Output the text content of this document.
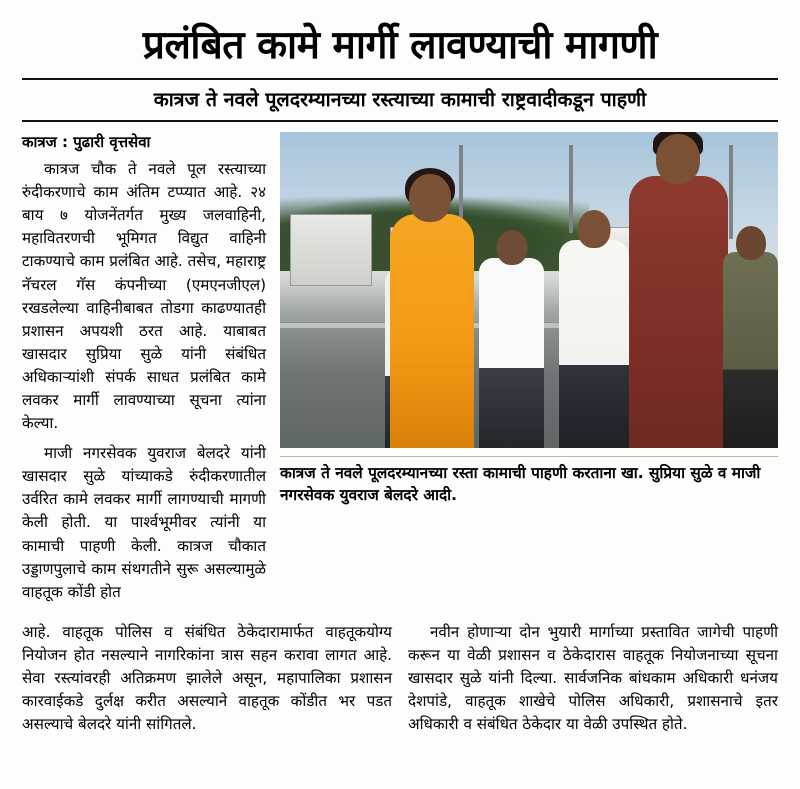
प्रलंबित कामे मार्गी लावण्याची मागणी
कात्रज ते नवले पूलदरम्यानच्या रस्त्याच्या कामाची राष्ट्रवादीकडून पाहणी
कात्रज : पुढारी वृत्तसेवा

कात्रज चौक ते नवले पूल रस्त्याच्या रुंदीकरणाचे काम अंतिम टप्प्यात आहे. २४ बाय ७ योजनेंतर्गत मुख्य जलवाहिनी, महावितरणची भूमिगत विद्युत वाहिनी टाकण्याचे काम प्रलंबित आहे. तसेच, महाराष्ट्र नॅचरल गॅस कंपनीच्या (एमएनजीएल) रखडलेल्या वाहिनीबाबत तोडगा काढण्यातही प्रशासन अपयशी ठरत आहे. याबाबत खासदार सुप्रिया सुळे यांनी संबंधित अधिकाऱ्यांशी संपर्क साधत प्रलंबित कामे लवकर मार्गी लावण्याच्या सूचना त्यांना केल्या.

माजी नगरसेवक युवराज बेलदरे यांनी खासदार सुळे यांच्याकडे रुंदीकरणातील उर्वरित कामे लवकर मार्गी लागण्याची मागणी केली होती. या पार्श्वभूमीवर त्यांनी या कामाची पाहणी केली. कात्रज चौकात उड्डाणपुलाचे काम संथगतीने सुरू असल्यामुळे वाहतूक कोंडी होत

कात्रज ते नवले पूलदरम्यानच्या रस्ता कामाची पाहणी करताना खा. सुप्रिया सुळे व माजी नगरसेवक युवराज बेलदरे आदी.

आहे. वाहतूक पोलिस व संबंधित ठेकेदारामार्फत वाहतूकयोग्य नियोजन होत नसल्याने नागरिकांना त्रास सहन करावा लागत आहे. सेवा रस्त्यांवरही अतिक्रमण झालेले असून, महापालिका प्रशासन कारवाईकडे दुर्लक्ष करीत असल्याने वाहतूक कोंडीत भर पडत असल्याचे बेलदरे यांनी सांगितले.

नवीन होणाऱ्या दोन भुयारी मार्गाच्या प्रस्तावित जागेची पाहणी करून या वेळी प्रशासन व ठेकेदारास वाहतूक नियोजनाच्या सूचना खासदार सुळे यांनी दिल्या. सार्वजनिक बांधकाम अधिकारी धनंजय देशपांडे, वाहतूक शाखेचे पोलिस अधिकारी, प्रशासनाचे इतर अधिकारी व संबंधित ठेकेदार या वेळी उपस्थित होते.
